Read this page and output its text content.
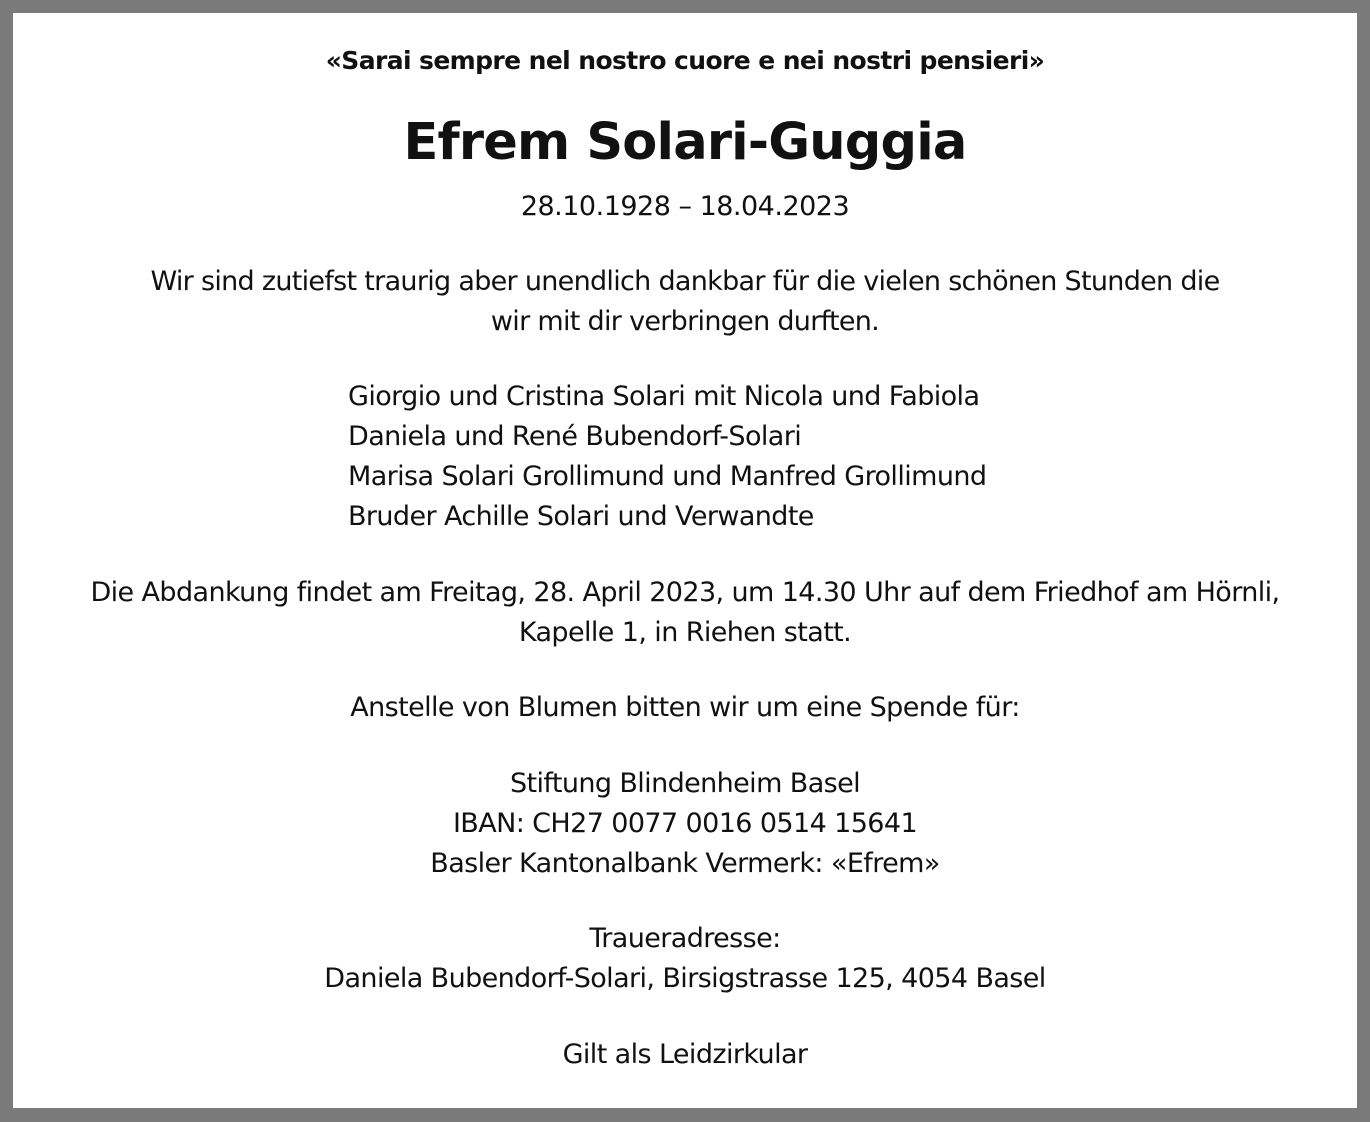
«Sarai sempre nel nostro cuore e nei nostri pensieri»
Efrem Solari-Guggia
28.10.1928 – 18.04.2023
Wir sind zutiefst traurig aber unendlich dankbar für die vielen schönen Stunden die
wir mit dir verbringen durften.
Giorgio und Cristina Solari mit Nicola und Fabiola
Daniela und René Bubendorf-Solari
Marisa Solari Grollimund und Manfred Grollimund
Bruder Achille Solari und Verwandte
Die Abdankung findet am Freitag, 28. April 2023, um 14.30 Uhr auf dem Friedhof am Hörnli,
Kapelle 1, in Riehen statt.
Anstelle von Blumen bitten wir um eine Spende für:
Stiftung Blindenheim Basel
IBAN: CH27 0077 0016 0514 15641
Basler Kantonalbank Vermerk: «Efrem»
Traueradresse:
Daniela Bubendorf-Solari, Birsigstrasse 125, 4054 Basel
Gilt als Leidzirkular
